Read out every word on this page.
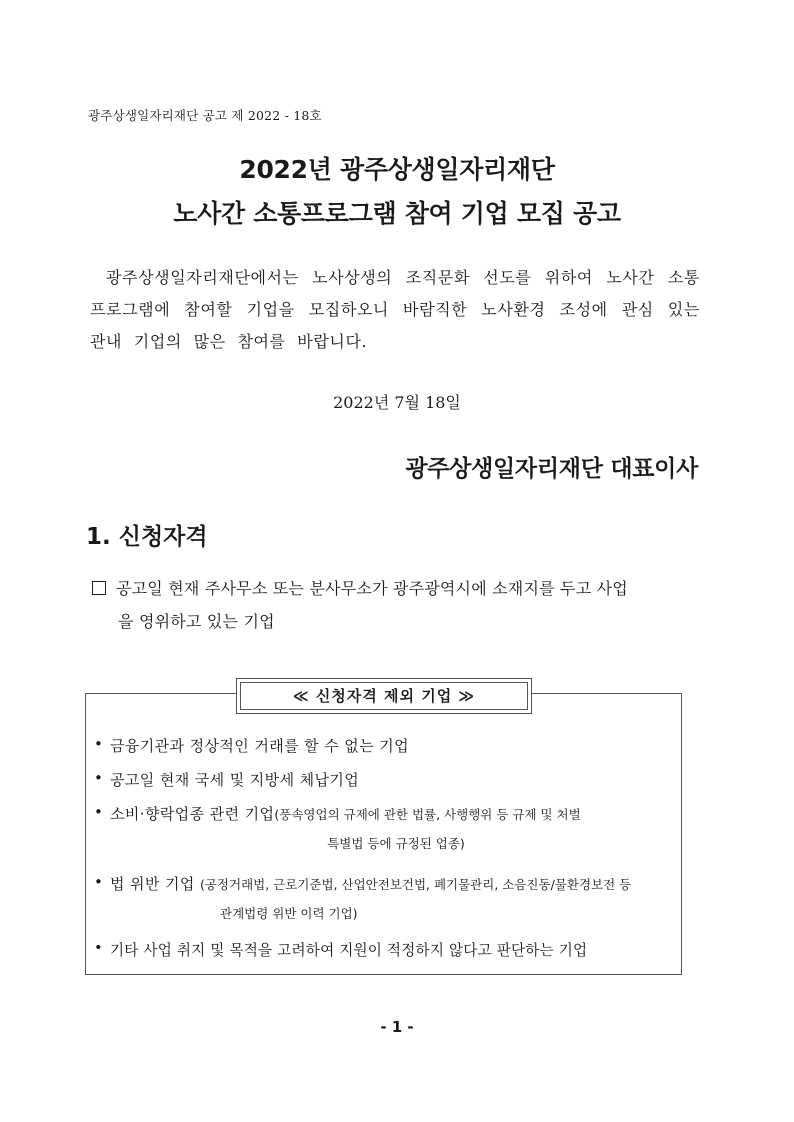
광주상생일자리재단 공고 제 2022 - 18호
2022년 광주상생일자리재단
노사간 소통프로그램 참여 기업 모집 공고

광주상생일자리재단에서는 노사상생의 조직문화 선도를 위하여 노사간 소통프로그램에 참여할 기업을 모집하오니 바람직한 노사환경 조성에 관심 있는 관내 기업의 많은 참여를 바랍니다.

2022년 7월 18일
광주상생일자리재단 대표이사
1. 신청자격
공고일 현재 주사무소 또는 분사무소가 광주광역시에 소재지를 두고 사업
을 영위하고 있는 기업
≪ 신청자격 제외 기업 ≫
• 금융기관과 정상적인 거래를 할 수 없는 기업
• 공고일 현재 국세 및 지방세 체납기업
• 소비·향락업종 관련 기업(풍속영업의 규제에 관한 법률, 사행행위 등 규제 및 처벌
특별법 등에 규정된 업종)
• 법 위반 기업 (공정거래법, 근로기준법, 산업안전보건법, 폐기물관리, 소음진동/물환경보전 등
관계법령 위반 이력 기업)
• 기타 사업 취지 및 목적을 고려하여 지원이 적정하지 않다고 판단하는 기업
- 1 -
